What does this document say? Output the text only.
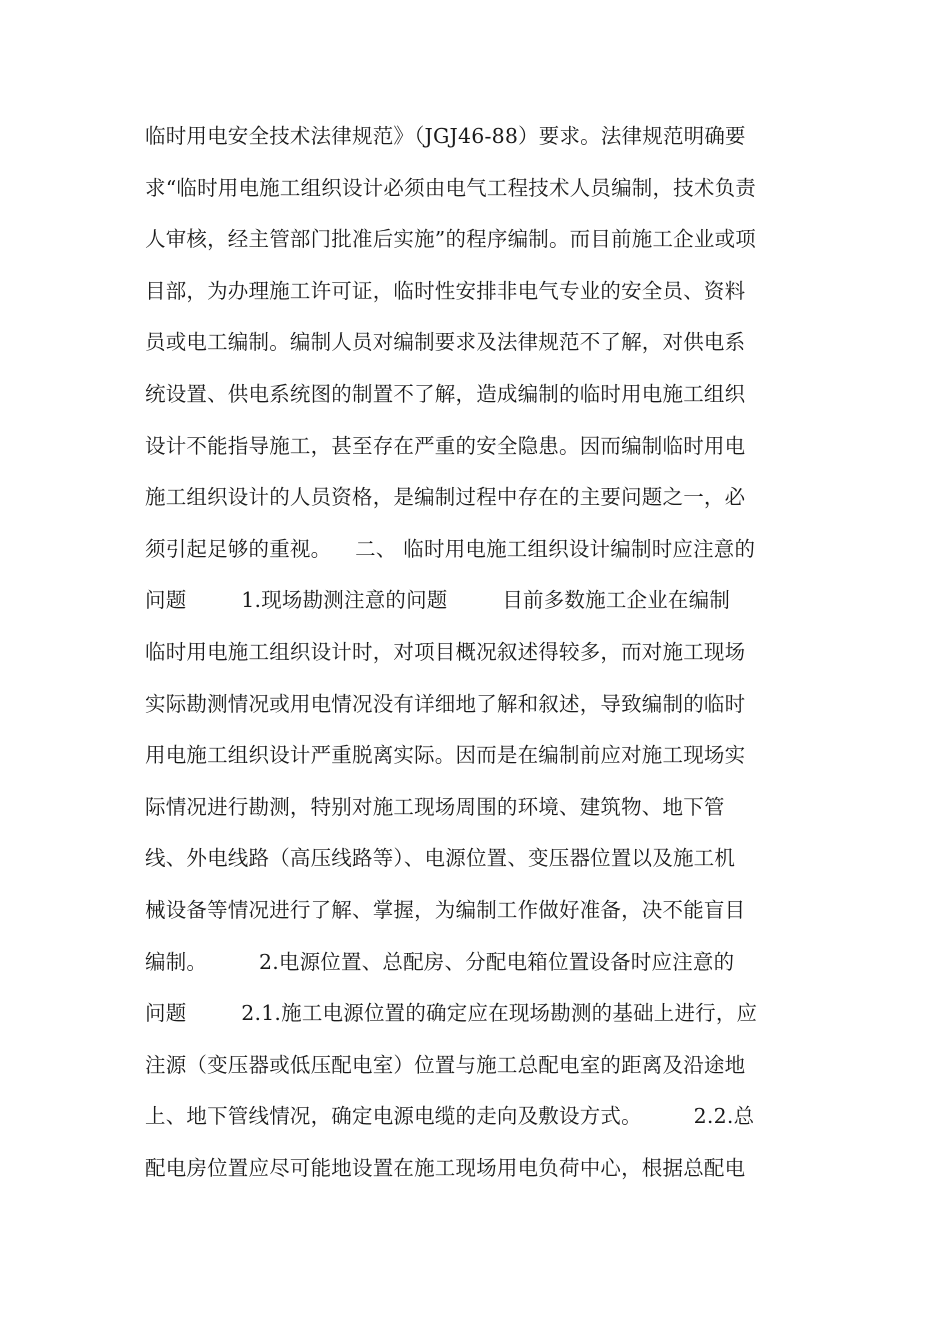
临时用电安全技术法律规范》（JGJ46-88）要求。法律规范明确要
求“临时用电施工组织设计必须由电气工程技术人员编制，技术负责
人审核，经主管部门批准后实施”的程序编制。而目前施工企业或项
目部，为办理施工许可证，临时性安排非电气专业的安全员、资料
员或电工编制。编制人员对编制要求及法律规范不了解，对供电系
统设置、供电系统图的制置不了解，造成编制的临时用电施工组织
设计不能指导施工，甚至存在严重的安全隐患。因而编制临时用电
施工组织设计的人员资格，是编制过程中存在的主要问题之一，必
须引起足够的重视。　  二、 临时用电施工组织设计编制时应注意的
问题　　  1.现场勘测注意的问题　　  目前多数施工企业在编制
临时用电施工组织设计时，对项目概况叙述得较多，而对施工现场
实际勘测情况或用电情况没有详细地了解和叙述，导致编制的临时
用电施工组织设计严重脱离实际。因而是在编制前应对施工现场实
际情况进行勘测，特别对施工现场周围的环境、建筑物、地下管
线、外电线路（高压线路等）、电源位置、变压器位置以及施工机
械设备等情况进行了解、掌握，为编制工作做好准备，决不能盲目
编制。　　　2.电源位置、总配房、分配电箱位置设备时应注意的
问题　　  2.1.施工电源位置的确定应在现场勘测的基础上进行，应
注源（变压器或低压配电室）位置与施工总配电室的距离及沿途地
上、地下管线情况，确定电源电缆的走向及敷设方式。　　　2.2.总
配电房位置应尽可能地设置在施工现场用电负荷中心，根据总配电
